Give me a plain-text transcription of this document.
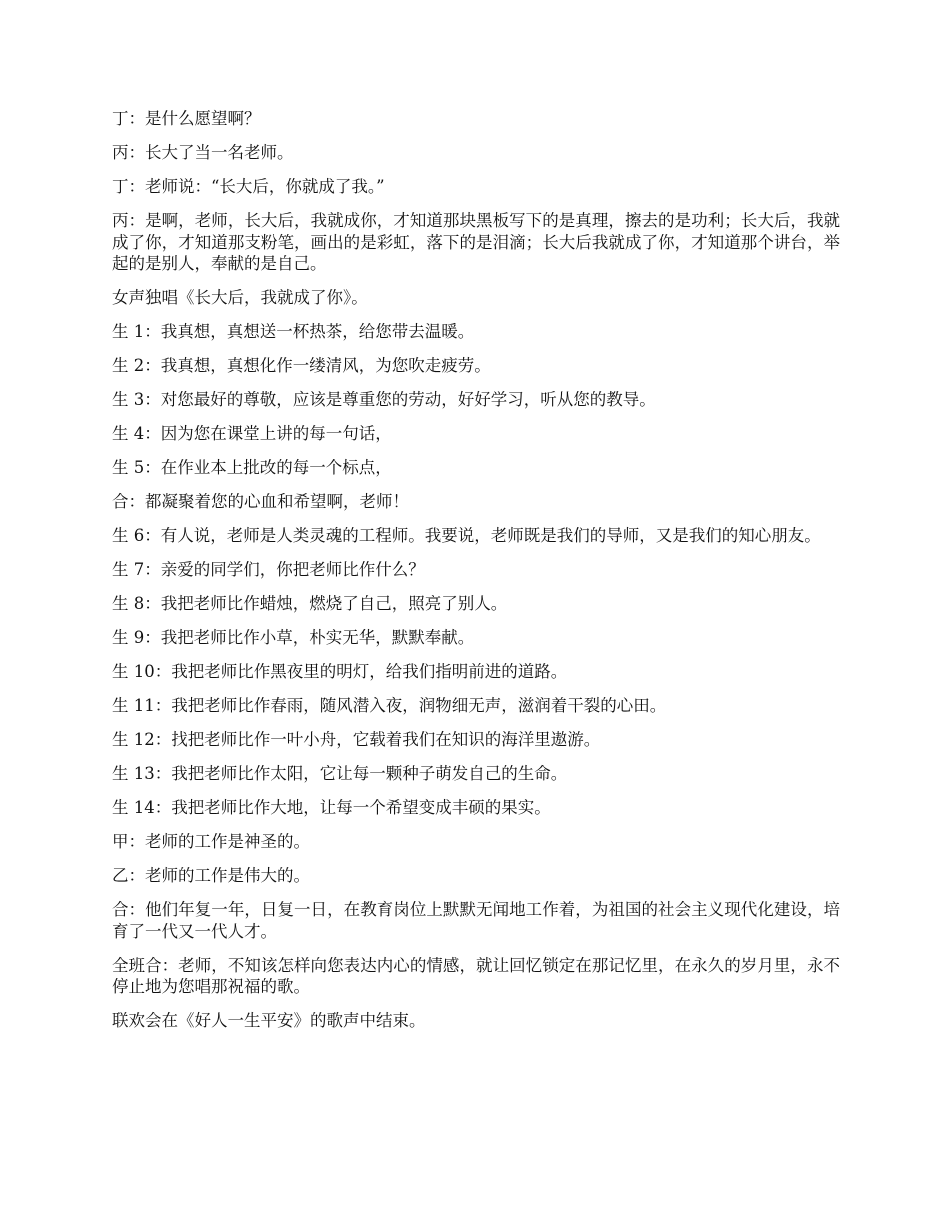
丁：是什么愿望啊？

丙：长大了当一名老师。

丁：老师说：“长大后，你就成了我。”

丙：是啊，老师，长大后，我就成你，才知道那块黑板写下的是真理，擦去的是功利；长大后，我就成了你，才知道那支粉笔，画出的是彩虹，落下的是泪滴；长大后我就成了你，才知道那个讲台，举起的是别人，奉献的是自己。

女声独唱《长大后，我就成了你》。

生 1：我真想，真想送一杯热茶，给您带去温暖。

生 2：我真想，真想化作一缕清风，为您吹走疲劳。

生 3：对您最好的尊敬，应该是尊重您的劳动，好好学习，听从您的教导。

生 4：因为您在课堂上讲的每一句话，

生 5：在作业本上批改的每一个标点，

合：都凝聚着您的心血和希望啊，老师！

生 6：有人说，老师是人类灵魂的工程师。我要说，老师既是我们的导师，又是我们的知心朋友。

生 7：亲爱的同学们，你把老师比作什么？

生 8：我把老师比作蜡烛，燃烧了自己，照亮了别人。

生 9：我把老师比作小草，朴实无华，默默奉献。

生 10：我把老师比作黑夜里的明灯，给我们指明前进的道路。

生 11：我把老师比作春雨，随风潜入夜，润物细无声，滋润着干裂的心田。

生 12：找把老师比作一叶小舟，它载着我们在知识的海洋里遨游。

生 13：我把老师比作太阳，它让每一颗种子萌发自己的生命。

生 14：我把老师比作大地，让每一个希望变成丰硕的果实。

甲：老师的工作是神圣的。

乙：老师的工作是伟大的。

合：他们年复一年，日复一日，在教育岗位上默默无闻地工作着，为祖国的社会主义现代化建设，培育了一代又一代人才。

全班合：老师，不知该怎样向您表达内心的情感，就让回忆锁定在那记忆里，在永久的岁月里，永不停止地为您唱那祝福的歌。

联欢会在《好人一生平安》的歌声中结束。
